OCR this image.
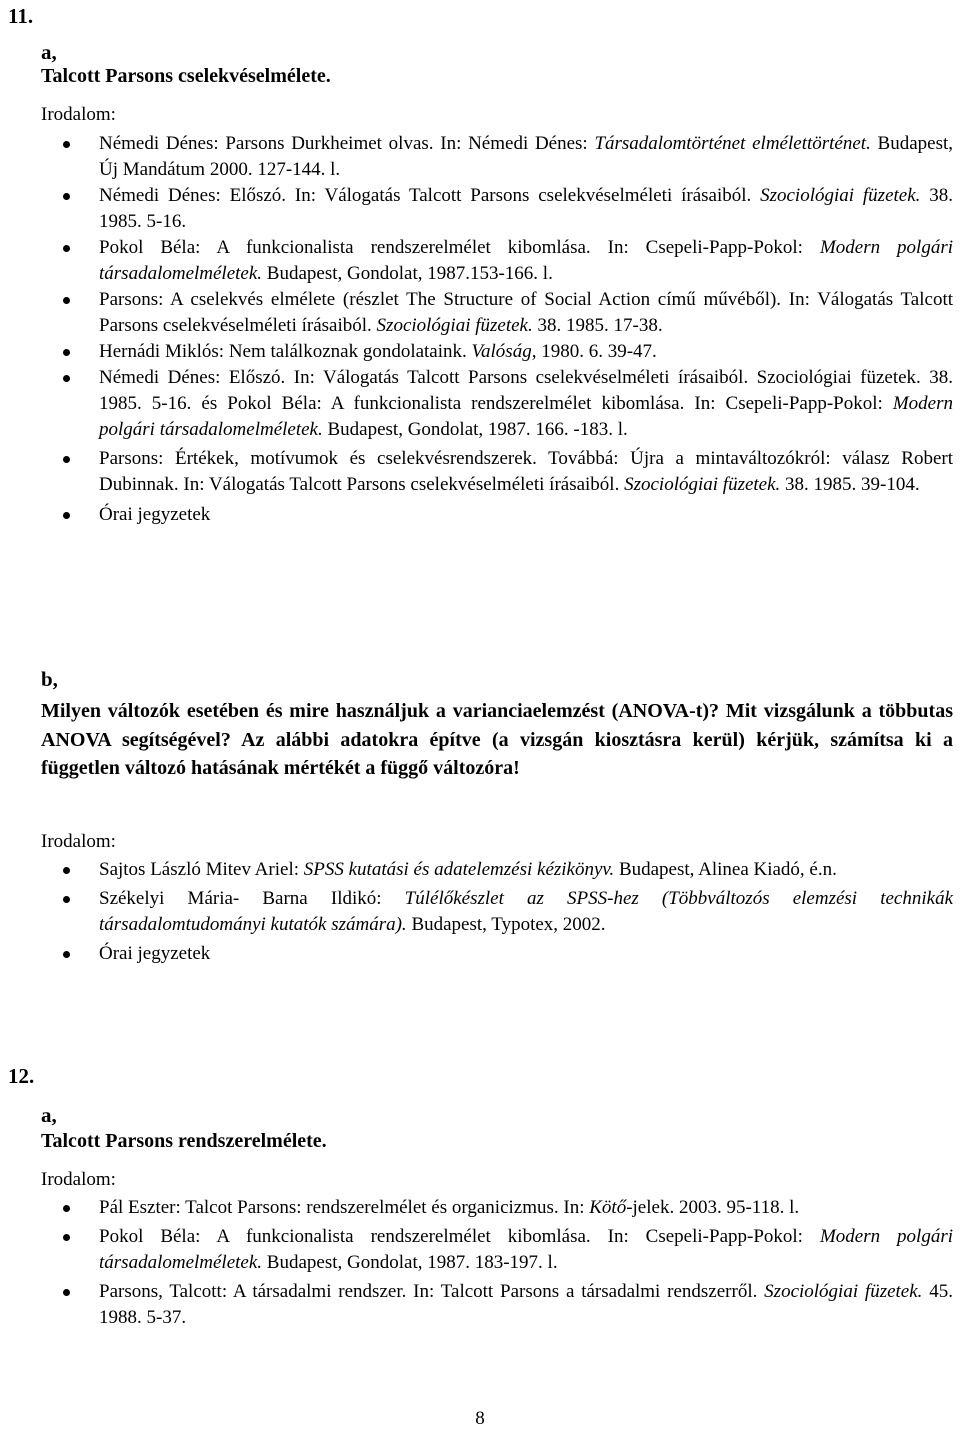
11.
a,
Talcott Parsons cselekvéselmélete.
Irodalom:
Némedi Dénes: Parsons Durkheimet olvas. In: Némedi Dénes: Társadalomtörténet elmélettörténet. Budapest, Új Mandátum 2000. 127-144. l.
Némedi Dénes: Előszó. In: Válogatás Talcott Parsons cselekvéselméleti írásaiból. Szociológiai füzetek. 38. 1985. 5-16.
Pokol Béla: A funkcionalista rendszerelmélet kibomlása. In: Csepeli-Papp-Pokol: Modern polgári társadalomelméletek. Budapest, Gondolat, 1987.153-166. l.
Parsons: A cselekvés elmélete (részlet The Structure of Social Action című művéből). In: Válogatás Talcott Parsons cselekvéselméleti írásaiból. Szociológiai füzetek. 38. 1985. 17-38.
Hernádi Miklós: Nem találkoznak gondolataink. Valóság, 1980. 6. 39-47.
Némedi Dénes: Előszó. In: Válogatás Talcott Parsons cselekvéselméleti írásaiból. Szociológiai füzetek. 38. 1985. 5-16. és Pokol Béla: A funkcionalista rendszerelmélet kibomlása. In: Csepeli-Papp-Pokol: Modern polgári társadalomelméletek. Budapest, Gondolat, 1987. 166. -183. l.
Parsons: Értékek, motívumok és cselekvésrendszerek. Továbbá: Újra a mintaváltozókról: válasz Robert Dubinnak. In: Válogatás Talcott Parsons cselekvéselméleti írásaiból. Szociológiai füzetek. 38. 1985. 39-104.
Órai jegyzetek
b,
Milyen változók esetében és mire használjuk a varianciaelemzést (ANOVA-t)? Mit vizsgálunk a többutas ANOVA segítségével? Az alábbi adatokra építve (a vizsgán kiosztásra kerül) kérjük, számítsa ki a független változó hatásának mértékét a függő változóra!
Irodalom:
Sajtos László Mitev Ariel: SPSS kutatási és adatelemzési kézikönyv. Budapest, Alinea Kiadó, é.n.
Székelyi Mária- Barna Ildikó: Túlélőkészlet az SPSS-hez (Többváltozós elemzési technikák társadalomtudományi kutatók számára). Budapest, Typotex, 2002.
Órai jegyzetek
12.
a,
Talcott Parsons rendszerelmélete.
Irodalom:
Pál Eszter: Talcot Parsons: rendszerelmélet és organicizmus. In: Kötő-jelek. 2003. 95-118. l.
Pokol Béla: A funkcionalista rendszerelmélet kibomlása. In: Csepeli-Papp-Pokol: Modern polgári társadalomelméletek. Budapest, Gondolat, 1987. 183-197. l.
Parsons, Talcott: A társadalmi rendszer. In: Talcott Parsons a társadalmi rendszerről. Szociológiai füzetek. 45. 1988. 5-37.
8
